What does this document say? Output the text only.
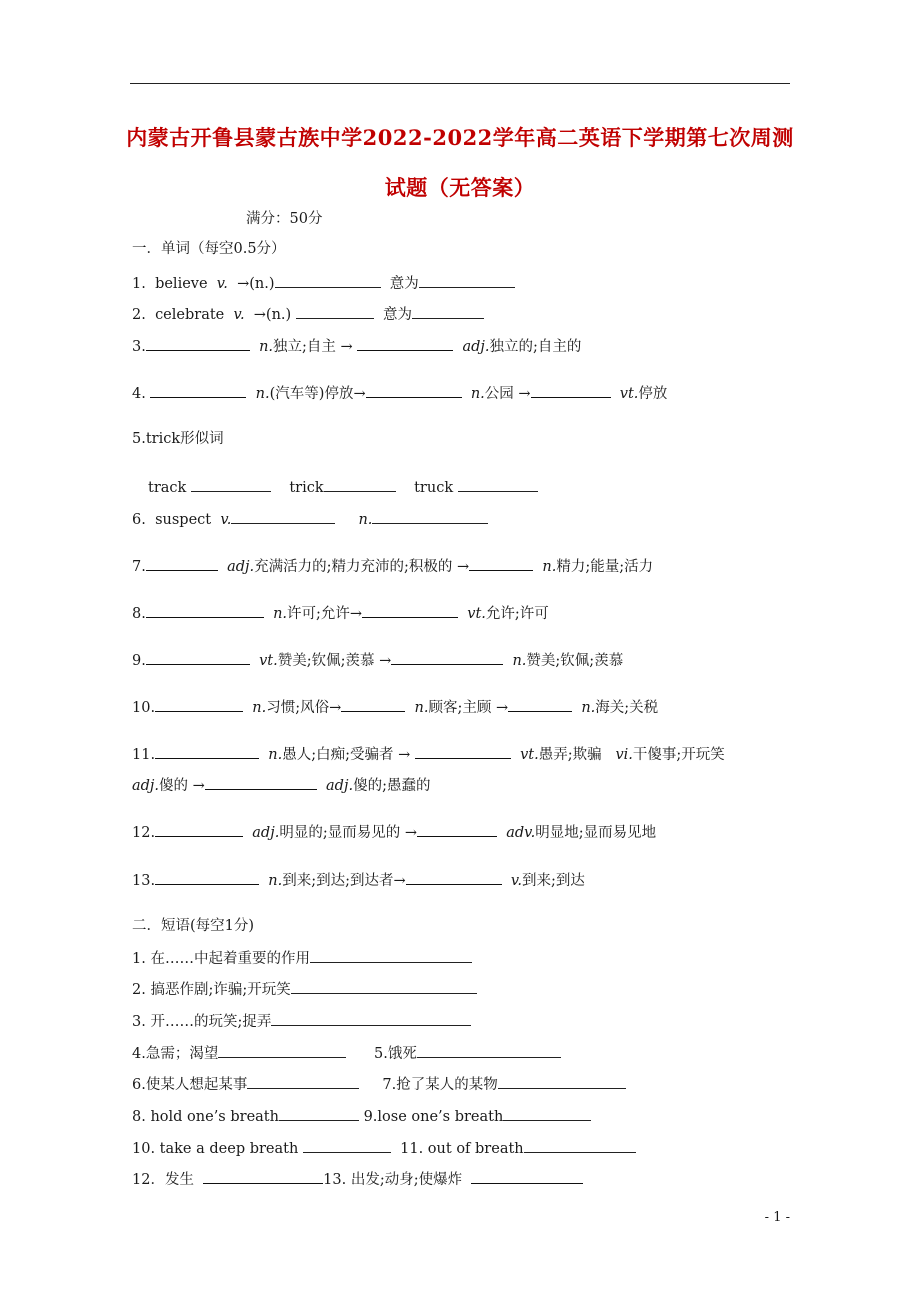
内蒙古开鲁县蒙古族中学2022-2022学年高二英语下学期第七次周测
试题（无答案）
满分：50分
一．单词（每空0.5分）
1. believe v. →(n.)	意为
2. celebrate v. →(n.)	意为
3.	n.独立;自主 →	adj.独立的;自主的
4.	n.(汽车等)停放→	n.公园 →	vt.停放
5.trick形似词
track	trick	truck
6. suspect v.	n.
7.	adj.充满活力的;精力充沛的;积极的 →	n.精力;能量;活力
8.	n.许可;允许→	vt.允许;许可
9.	vt.赞美;钦佩;羡慕 →	n.赞美;钦佩;羡慕
10.	n.习惯;风俗→	n.顾客;主顾 →	n.海关;关税
11.	n.愚人;白痴;受骗者 →	vt.愚弄;欺骗 vi.干傻事;开玩笑
adj.傻的 →	adj.傻的;愚蠢的
12.	adj.明显的;显而易见的 →	adv.明显地;显而易见地
13.	n.到来;到达;到达者→	v.到来;到达
二．短语(每空1分)
1. 在……中起着重要的作用
2. 搞恶作剧;诈骗;开玩笑
3. 开……的玩笑;捉弄
4.急需；渴望	5.饿死
6.使某人想起某事	7.抢了某人的某物
8. hold one’s breath	9.lose one’s breath
10. take a deep breath	11. out of breath
12．发生	13. 出发;动身;使爆炸
- 1 -
